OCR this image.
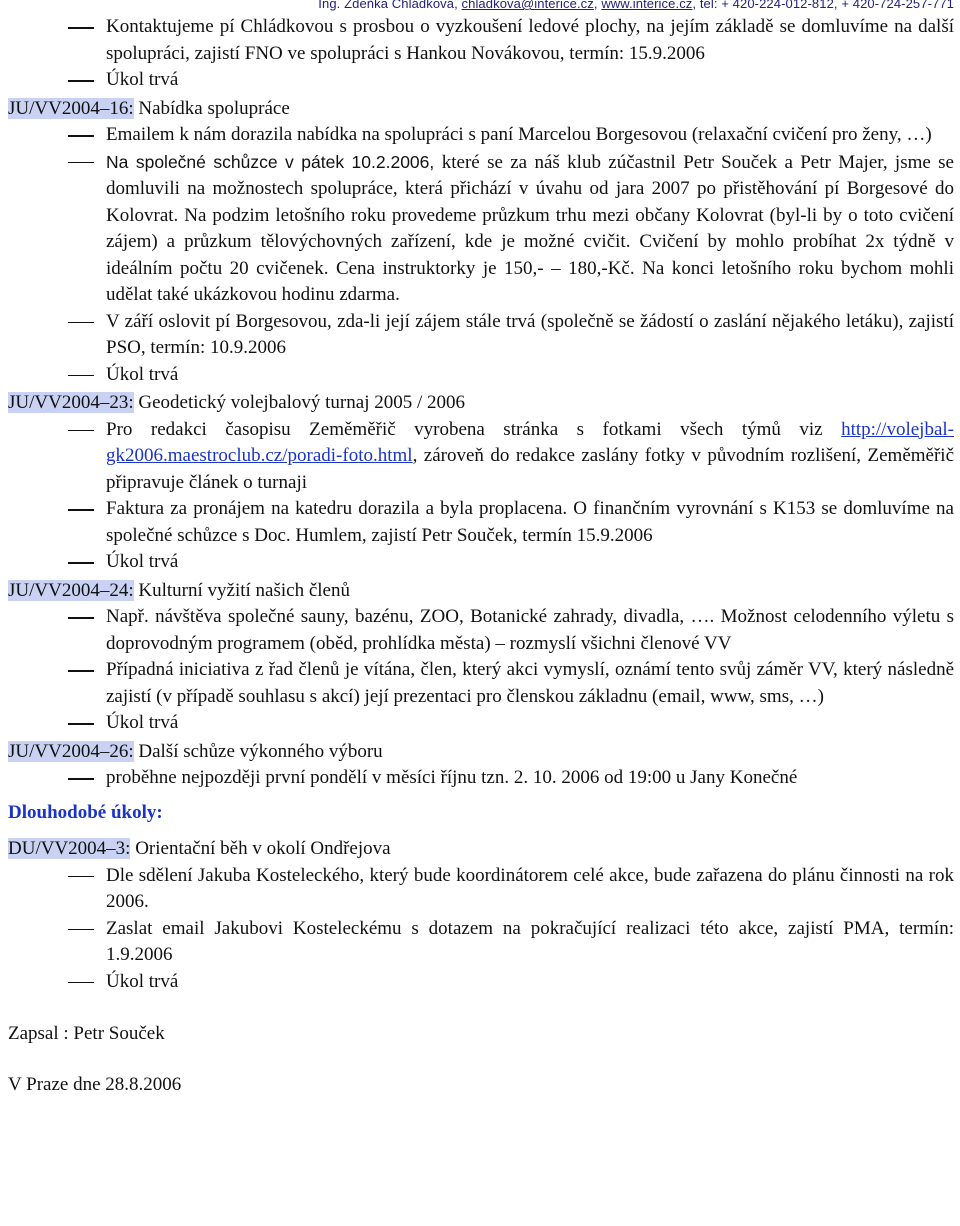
Ing. Zdeňka Chládková, chladkova@interice.cz, www.interice.cz, tel: + 420-224-012-812, + 420-724-257-771
Kontaktujeme pí Chládkovou s prosbou o vyzkoušení ledové plochy, na jejím základě se domluvíme na další spolupráci, zajistí FNO ve spolupráci s Hankou Novákovou, termín: 15.9.2006
Úkol trvá
JU/VV2004–16: Nabídka spolupráce
Emailem k nám dorazila nabídka na spolupráci s paní Marcelou Borgesovou (relaxační cvičení pro ženy, …)
Na společné schůzce v pátek 10.2.2006, které se za náš klub zúčastnil Petr Souček a Petr Majer, jsme se domluvili na možnostech spolupráce, která přichází v úvahu od jara 2007 po přistěhování pí Borgesové do Kolovrat. Na podzim letošního roku provedeme průzkum trhu mezi občany Kolovrat (byl-li by o toto cvičení zájem) a průzkum tělovýchovných zařízení, kde je možné cvičit. Cvičení by mohlo probíhat 2x týdně v ideálním počtu 20 cvičenek. Cena instruktorky je 150,- – 180,-Kč. Na konci letošního roku bychom mohli udělat také ukázkovou hodinu zdarma.
V září oslovit pí Borgesovou, zda-li její zájem stále trvá (společně se žádostí o zaslání nějakého letáku), zajistí PSO, termín: 10.9.2006
Úkol trvá
JU/VV2004–23: Geodetický volejbalový turnaj 2005 / 2006
Pro redakci časopisu Zeměměřič vyrobena stránka s fotkami všech týmů viz http://volejbal-gk2006.maestroclub.cz/poradi-foto.html, zároveň do redakce zaslány fotky v původním rozlišení, Zeměměřič připravuje článek o turnaji
Faktura za pronájem na katedru dorazila a byla proplacena. O finančním vyrovnání s K153 se domluvíme na společné schůzce s Doc. Humlem, zajistí Petr Souček, termín 15.9.2006
Úkol trvá
JU/VV2004–24: Kulturní vyžití našich členů
Např. návštěva společné sauny, bazénu, ZOO, Botanické zahrady, divadla, …. Možnost celodenního výletu s doprovodným programem (oběd, prohlídka města) – rozmyslí všichni členové VV
Případná iniciativa z řad členů je vítána, člen, který akci vymyslí, oznámí tento svůj záměr VV, který následně zajistí (v případě souhlasu s akcí) její prezentaci pro členskou základnu (email, www, sms, …)
Úkol trvá
JU/VV2004–26: Další schůze výkonného výboru
proběhne nejpozději první pondělí v měsíci říjnu tzn. 2. 10. 2006 od 19:00 u Jany Konečné
Dlouhodobé úkoly:
DU/VV2004–3: Orientační běh v okolí Ondřejova
Dle sdělení Jakuba Kosteleckého, který bude koordinátorem celé akce, bude zařazena do plánu činnosti na rok 2006.
Zaslat email Jakubovi Kosteleckému s dotazem na pokračující realizaci této akce, zajistí PMA, termín: 1.9.2006
Úkol trvá
Zapsal : Petr Souček
V Praze dne 28.8.2006
